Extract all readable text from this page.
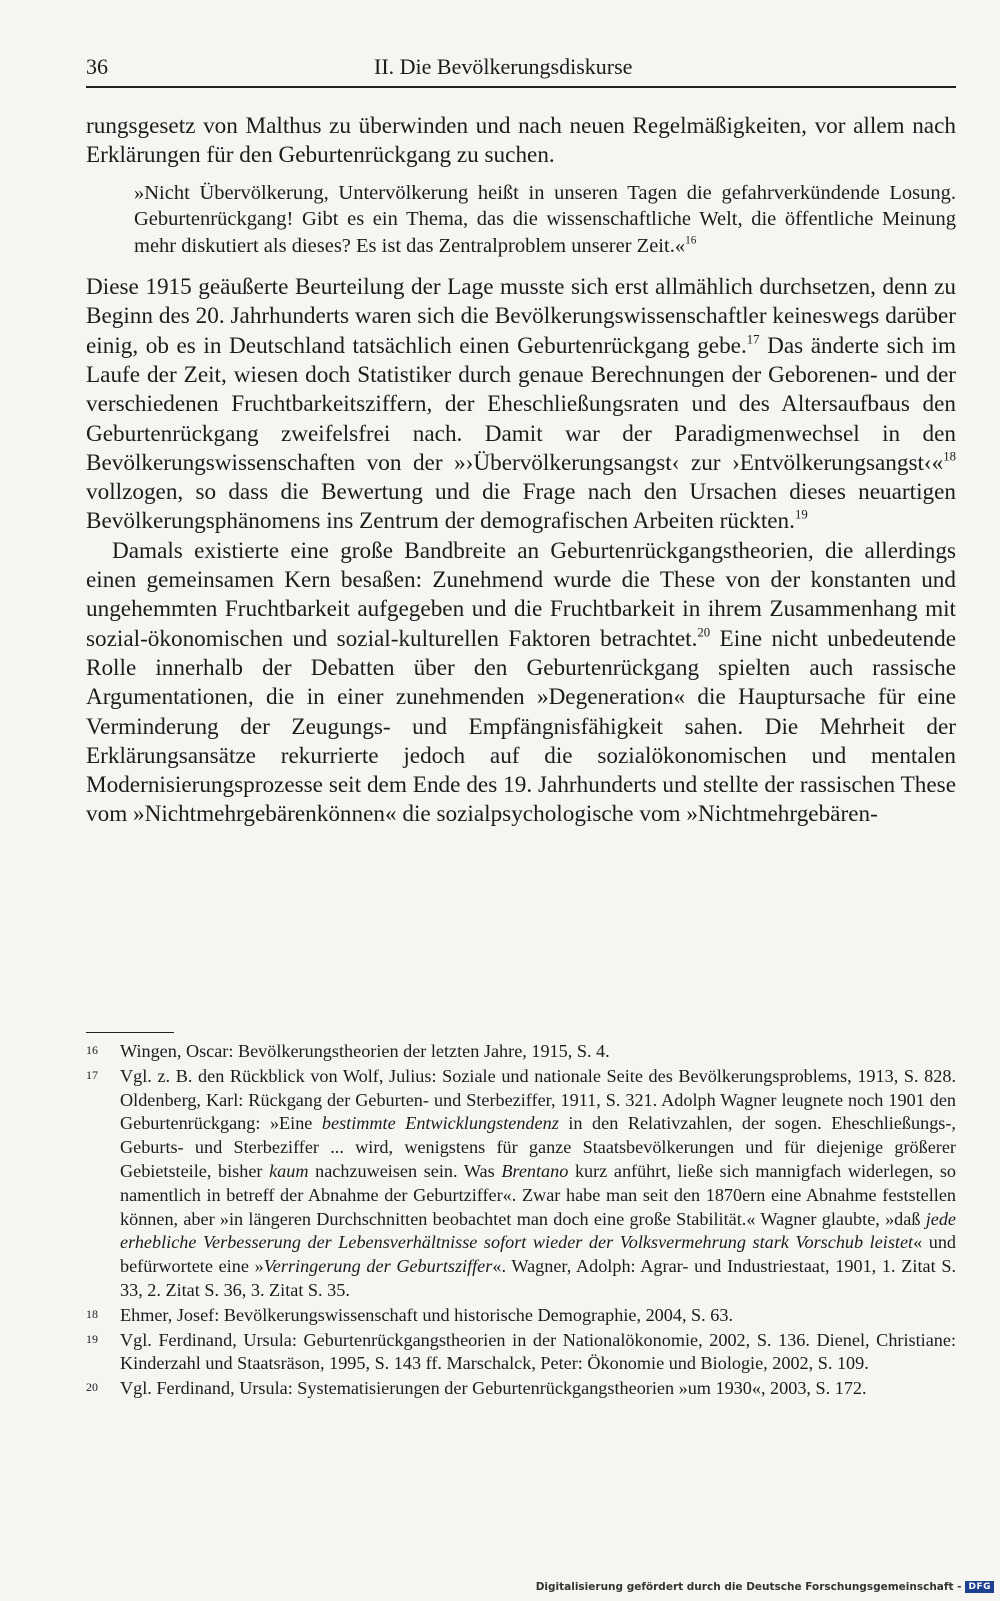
36	II. Die Bevölkerungsdiskurse

rungsgesetz von Malthus zu überwinden und nach neuen Regelmäßigkeiten, vor allem nach Erklärungen für den Geburtenrückgang zu suchen.

»Nicht Übervölkerung, Untervölkerung heißt in unseren Tagen die gefahrverkündende Losung. Geburtenrückgang! Gibt es ein Thema, das die wissenschaftliche Welt, die öffentliche Meinung mehr diskutiert als dieses? Es ist das Zentralproblem unserer Zeit.«$^{16}$

Diese 1915 geäußerte Beurteilung der Lage musste sich erst allmählich durchsetzen, denn zu Beginn des 20. Jahrhunderts waren sich die Bevölkerungswissenschaftler keineswegs darüber einig, ob es in Deutschland tatsächlich einen Geburtenrückgang gebe.$^{17}$ Das änderte sich im Laufe der Zeit, wiesen doch Statistiker durch genaue Berechnungen der Geborenen- und der verschiedenen Fruchtbarkeitsziffern, der Eheschließungsraten und des Altersaufbaus den Geburtenrückgang zweifelsfrei nach. Damit war der Paradigmenwechsel in den Bevölkerungswissenschaften von der »›Übervölkerungsangst‹ zur ›Entvölkerungsangst‹«$^{18}$ vollzogen, so dass die Bewertung und die Frage nach den Ursachen dieses neuartigen Bevölkerungsphänomens ins Zentrum der demografischen Arbeiten rückten.$^{19}$

Damals existierte eine große Bandbreite an Geburtenrückgangstheorien, die allerdings einen gemeinsamen Kern besaßen: Zunehmend wurde die These von der konstanten und ungehemmten Fruchtbarkeit aufgegeben und die Fruchtbarkeit in ihrem Zusammenhang mit sozial-ökonomischen und sozial-kulturellen Faktoren betrachtet.$^{20}$ Eine nicht unbedeutende Rolle innerhalb der Debatten über den Geburtenrückgang spielten auch rassische Argumentationen, die in einer zunehmenden »Degeneration« die Hauptursache für eine Verminderung der Zeugungs- und Empfängnisfähigkeit sahen. Die Mehrheit der Erklärungsansätze rekurrierte jedoch auf die sozialökonomischen und mentalen Modernisierungsprozesse seit dem Ende des 19. Jahrhunderts und stellte der rassischen These vom »Nichtmehrgebärenkönnen« die sozialpsychologische vom »Nichtmehrgebären-

16 Wingen, Oscar: Bevölkerungstheorien der letzten Jahre, 1915, S. 4.
17 Vgl. z. B. den Rückblick von Wolf, Julius: Soziale und nationale Seite des Bevölkerungsproblems, 1913, S. 828. Oldenberg, Karl: Rückgang der Geburten- und Sterbeziffer, 1911, S. 321. Adolph Wagner leugnete noch 1901 den Geburtenrückgang: »Eine bestimmte Entwicklungstendenz in den Relativzahlen, der sogen. Eheschließungs-, Geburts- und Sterbeziffer ... wird, wenigstens für ganze Staatsbevölkerungen und für diejenige größerer Gebietsteile, bisher kaum nachzuweisen sein. Was Brentano kurz anführt, ließe sich mannigfach widerlegen, so namentlich in betreff der Abnahme der Geburtziffer«. Zwar habe man seit den 1870ern eine Abnahme feststellen können, aber »in längeren Durchschnitten beobachtet man doch eine große Stabilität.« Wagner glaubte, »daß jede erhebliche Verbesserung der Lebensverhältnisse sofort wieder der Volksvermehrung stark Vorschub leistet« und befürwortete eine »Verringerung der Geburtsziffer«. Wagner, Adolph: Agrar- und Industriestaat, 1901, 1. Zitat S. 33, 2. Zitat S. 36, 3. Zitat S. 35.
18 Ehmer, Josef: Bevölkerungswissenschaft und historische Demographie, 2004, S. 63.
19 Vgl. Ferdinand, Ursula: Geburtenrückgangstheorien in der Nationalökonomie, 2002, S. 136. Dienel, Christiane: Kinderzahl und Staatsräson, 1995, S. 143 ff. Marschalck, Peter: Ökonomie und Biologie, 2002, S. 109.
20 Vgl. Ferdinand, Ursula: Systematisierungen der Geburtenrückgangstheorien »um 1930«, 2003, S. 172.
Digitalisierung gefördert durch die Deutsche Forschungsgemeinschaft - DFG
